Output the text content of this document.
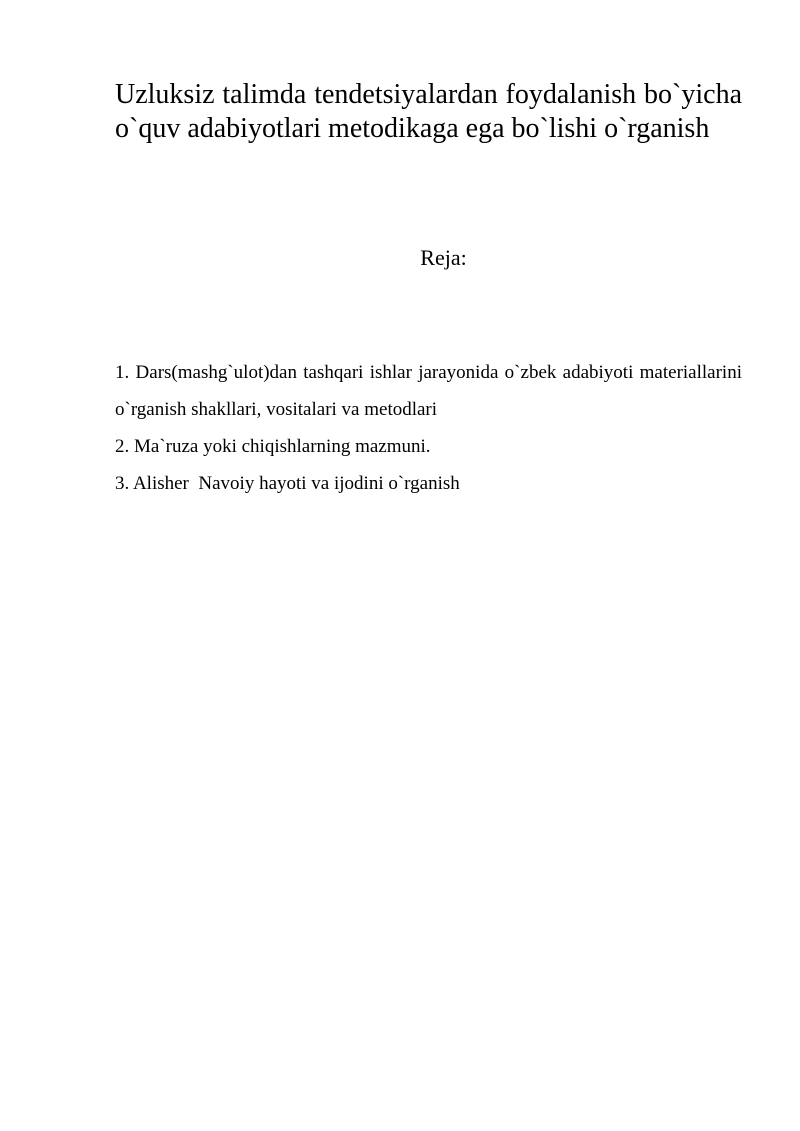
Uzluksiz talimda tendetsiyalardan foydalanish bo`yicha o`quv adabiyotlari metodikaga ega bo`lishi o`rganish
Reja:
1. Dars(mashg`ulot)dan tashqari ishlar jarayonida o`zbek adabiyoti materiallarini o`rganish shakllari, vositalari va metodlari
2. Ma`ruza yoki chiqishlarning mazmuni.
3. Alisher  Navoiy hayoti va ijodini o`rganish
